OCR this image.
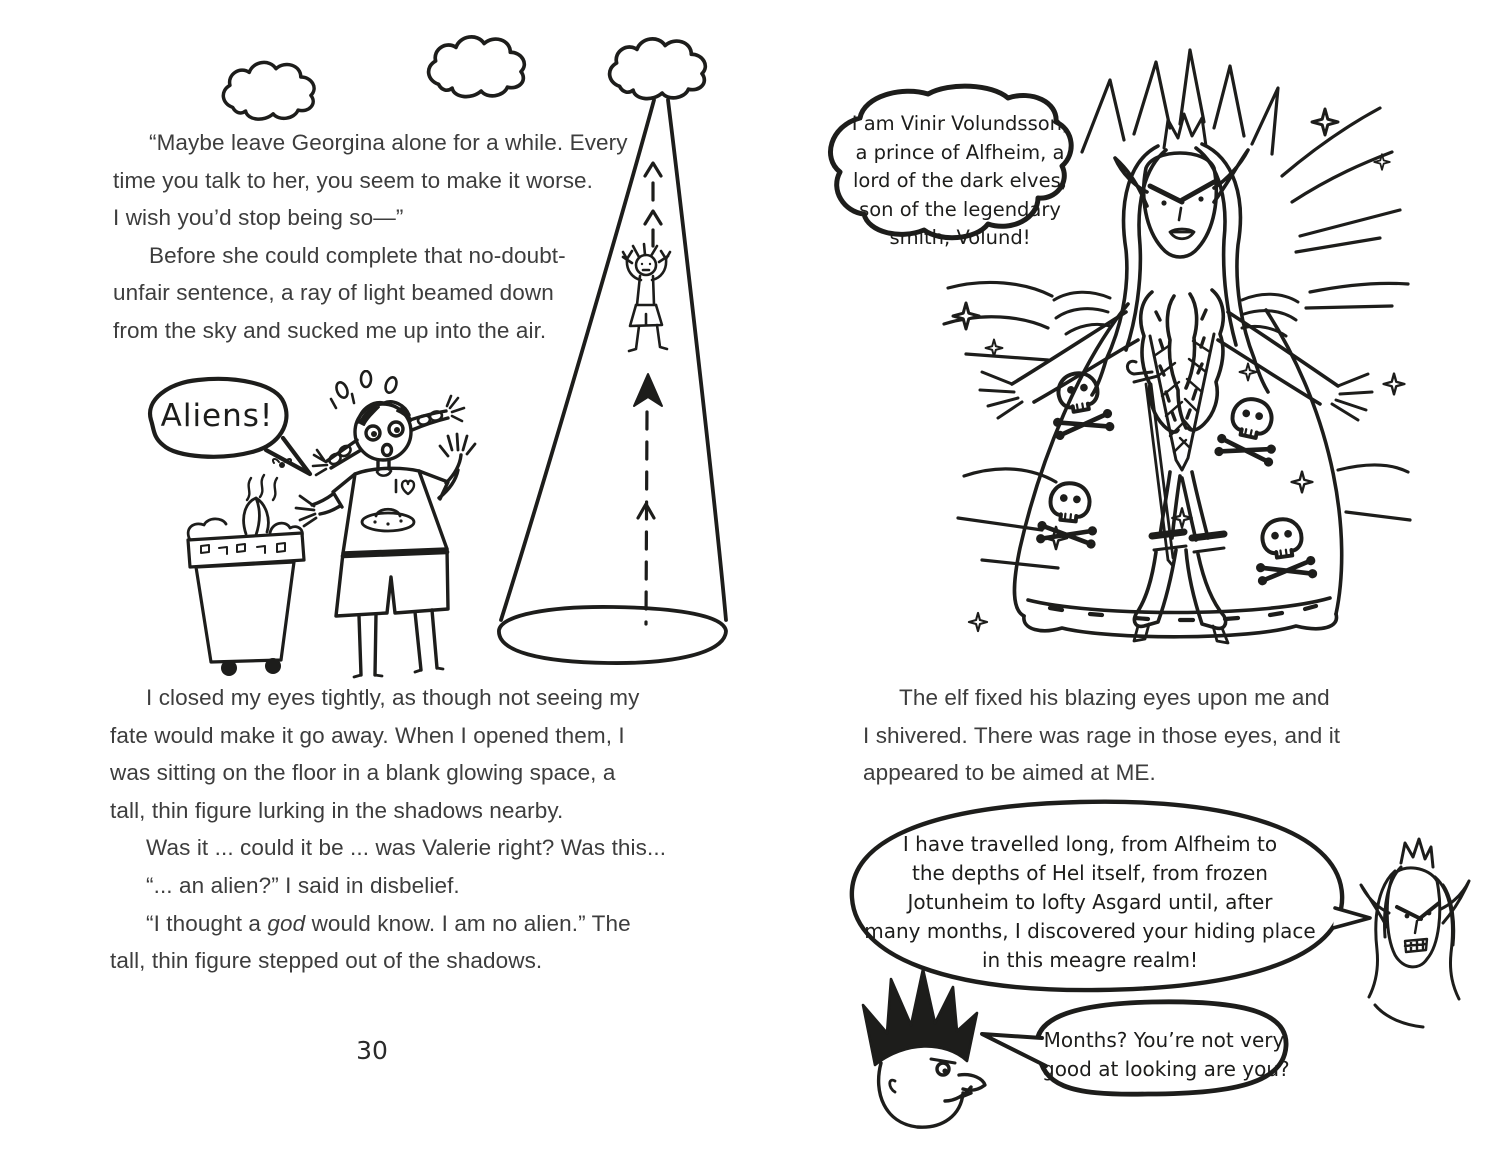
“Maybe leave Georgina alone for a while. Every
time you talk to her, you seem to make it worse.
I wish you’d stop being so—”
Before she could complete that no-doubt-
unfair sentence, a ray of light beamed down
from the sky and sucked me up into the air.
Aliens!
I closed my eyes tightly, as though not seeing my
fate would make it go away. When I opened them, I
was sitting on the floor in a blank glowing space, a
tall, thin figure lurking in the shadows nearby.
Was it ... could it be ... was Valerie right? Was this...
“... an alien?” I said in disbelief.
“I thought a god would know. I am no alien.” The
tall, thin figure stepped out of the shadows.
30
I am Vinir Volundsson,
a prince of Alfheim, a
lord of the dark elves,
son of the legendary
smith, Volund!
The elf fixed his blazing eyes upon me and
I shivered. There was rage in those eyes, and it
appeared to be aimed at ME.
I have travelled long, from Alfheim to
the depths of Hel itself, from frozen
Jotunheim to lofty Asgard until, after
many months, I discovered your hiding place
in this meagre realm!
Months? You’re not very
good at looking are you?
